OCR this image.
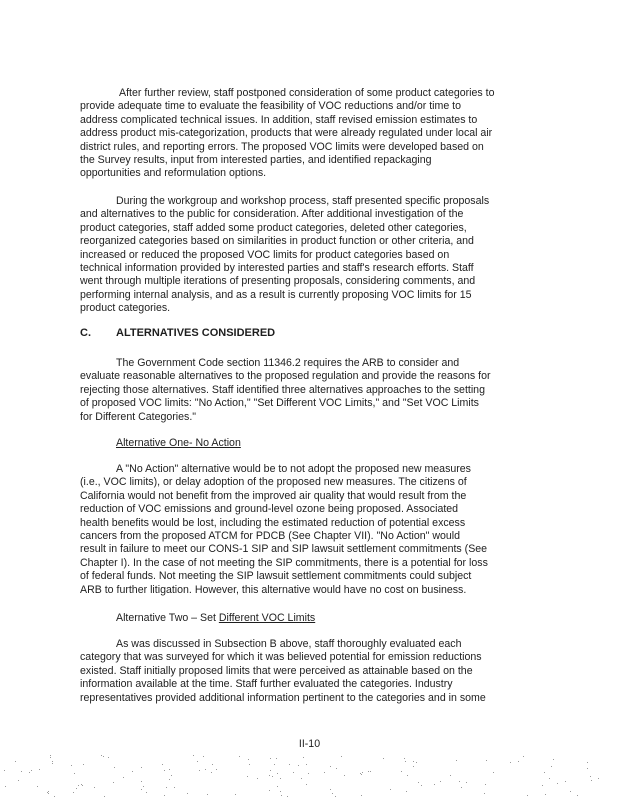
After further review, staff postponed consideration of some product categories to
provide adequate time to evaluate the feasibility of VOC reductions and/or time to
address complicated technical issues. In addition, staff revised emission estimates to
address product mis-categorization, products that were already regulated under local air
district rules, and reporting errors. The proposed VOC limits were developed based on
the Survey results, input from interested parties, and identified repackaging
opportunities and reformulation options.

During the workgroup and workshop process, staff presented specific proposals
and alternatives to the public for consideration. After additional investigation of the
product categories, staff added some product categories, deleted other categories,
reorganized categories based on similarities in product function or other criteria, and
increased or reduced the proposed VOC limits for product categories based on
technical information provided by interested parties and staff's research efforts. Staff
went through multiple iterations of presenting proposals, considering comments, and
performing internal analysis, and as a result is currently proposing VOC limits for 15
product categories.

C. ALTERNATIVES CONSIDERED

The Government Code section 11346.2 requires the ARB to consider and
evaluate reasonable alternatives to the proposed regulation and provide the reasons for
rejecting those alternatives. Staff identified three alternatives approaches to the setting
of proposed VOC limits: "No Action," "Set Different VOC Limits," and "Set VOC Limits
for Different Categories."

Alternative One- No Action

A "No Action" alternative would be to not adopt the proposed new measures
(i.e., VOC limits), or delay adoption of the proposed new measures. The citizens of
California would not benefit from the improved air quality that would result from the
reduction of VOC emissions and ground-level ozone being proposed. Associated
health benefits would be lost, including the estimated reduction of potential excess
cancers from the proposed ATCM for PDCB (See Chapter VII). "No Action" would
result in failure to meet our CONS-1 SIP and SIP lawsuit settlement commitments (See
Chapter I). In the case of not meeting the SIP commitments, there is a potential for loss
of federal funds. Not meeting the SIP lawsuit settlement commitments could subject
ARB to further litigation. However, this alternative would have no cost on business.

Alternative Two – Set Different VOC Limits

As was discussed in Subsection B above, staff thoroughly evaluated each
category that was surveyed for which it was believed potential for emission reductions
existed. Staff initially proposed limits that were perceived as attainable based on the
information available at the time. Staff further evaluated the categories. Industry
representatives provided additional information pertinent to the categories and in some

II-10
